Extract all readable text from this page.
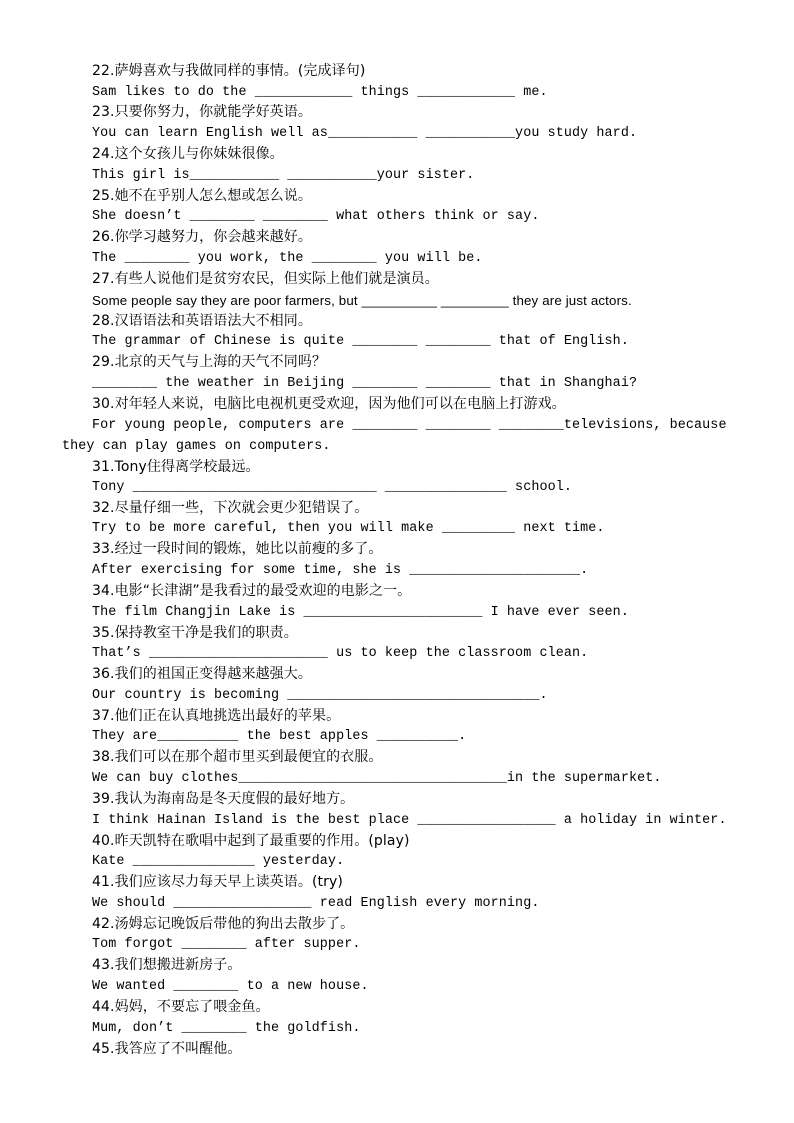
22.萨姆喜欢与我做同样的事情。(完成译句)
Sam likes to do the ____________ things ____________ me.
23.只要你努力，你就能学好英语。
You can learn English well as___________ ___________you study hard.
24.这个女孩儿与你妹妹很像。
This girl is___________ ___________your sister.
25.她不在乎别人怎么想或怎么说。
She doesn’t ________ ________ what others think or say.
26.你学习越努力，你会越来越好。
The ________ you work, the ________ you will be.
27.有些人说他们是贫穷农民，但实际上他们就是演员。
Some people say they are poor farmers, but __________ _________ they are just actors.
28.汉语语法和英语语法大不相同。
The grammar of Chinese is quite ________ ________ that of English.
29.北京的天气与上海的天气不同吗？
________ the weather in Beijing ________ ________ that in Shanghai?
30.对年轻人来说，电脑比电视机更受欢迎，因为他们可以在电脑上打游戏。
For young people, computers are ________ ________ ________televisions, because they can play games on computers.
31.Tony住得离学校最远。
Tony ______________________________ _______________ school.
32.尽量仔细一些，下次就会更少犯错误了。
Try to be more careful, then you will make _________ next time.
33.经过一段时间的锻炼，她比以前瘦的多了。
After exercising for some time, she is _____________________.
34.电影“长津湖”是我看过的最受欢迎的电影之一。
The film Changjin Lake is ______________________ I have ever seen.
35.保持教室干净是我们的职责。
That’s ______________________ us to keep the classroom clean.
36.我们的祖国正变得越来越强大。
Our country is becoming _______________________________.
37.他们正在认真地挑选出最好的苹果。
They are__________ the best apples __________.
38.我们可以在那个超市里买到最便宜的衣服。
We can buy clothes_________________________________in the supermarket.
39.我认为海南岛是冬天度假的最好地方。
I think Hainan Island is the best place _________________ a holiday in winter.
40.昨天凯特在歌唱中起到了最重要的作用。(play)
Kate _______________ yesterday.
41.我们应该尽力每天早上读英语。(try)
We should _________________ read English every morning.
42.汤姆忘记晚饭后带他的狗出去散步了。
Tom forgot ________ after supper.
43.我们想搬进新房子。
We wanted ________ to a new house.
44.妈妈，不要忘了喂金鱼。
Mum, don’t ________ the goldfish.
45.我答应了不叫醒他。
